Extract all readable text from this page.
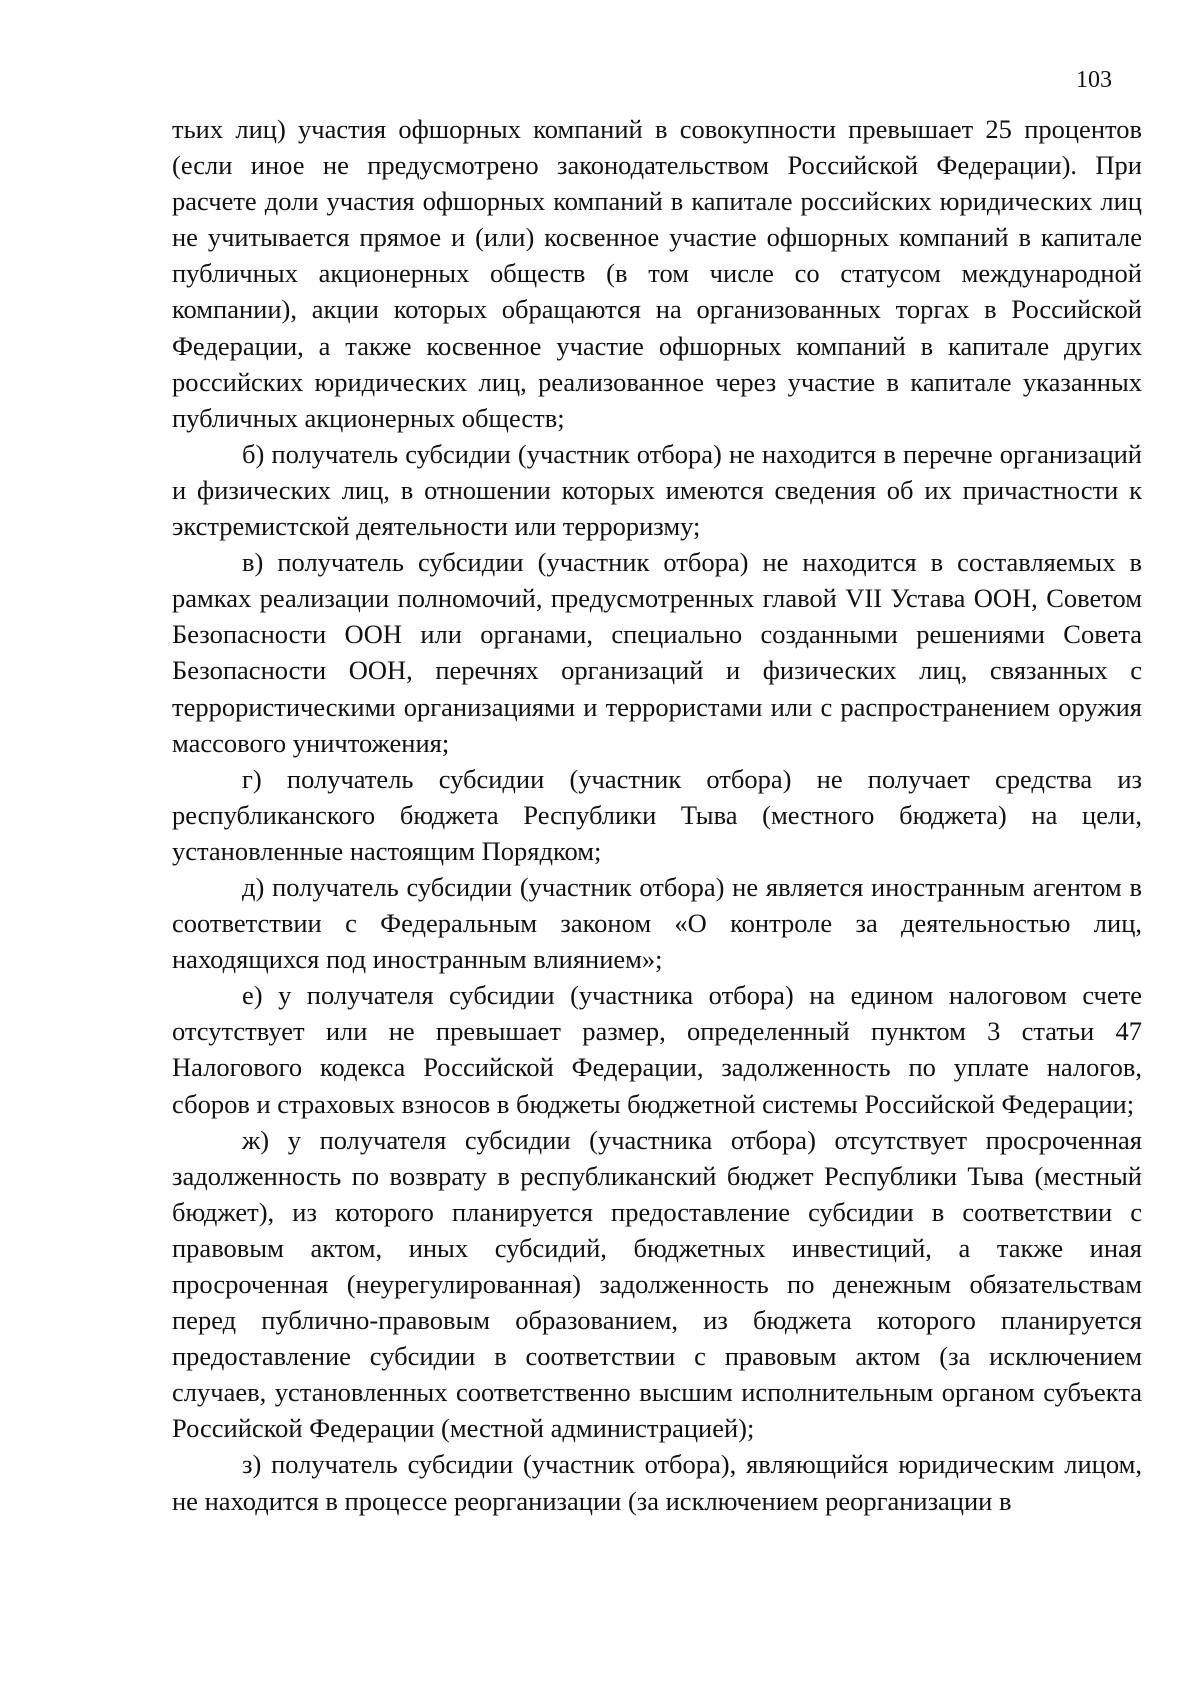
103

тьих лиц) участия офшорных компаний в совокупности превышает 25 процентов (если иное не предусмотрено законодательством Российской Федерации). При расчете доли участия офшорных компаний в капитале российских юридических лиц не учитывается прямое и (или) косвенное участие офшорных компаний в капитале публичных акционерных обществ (в том числе со статусом международной компании), акции которых обращаются на организованных торгах в Российской Федерации, а также косвенное участие офшорных компаний в капитале других российских юридических лиц, реализованное через участие в капитале указанных публичных акционерных обществ;

б) получатель субсидии (участник отбора) не находится в перечне организаций и физических лиц, в отношении которых имеются сведения об их причастности к экстремистской деятельности или терроризму;

в) получатель субсидии (участник отбора) не находится в составляемых в рамках реализации полномочий, предусмотренных главой VII Устава ООН, Советом Безопасности ООН или органами, специально созданными решениями Совета Безопасности ООН, перечнях организаций и физических лиц, связанных с террористическими организациями и террористами или с распространением оружия массового уничтожения;

г) получатель субсидии (участник отбора) не получает средства из республиканского бюджета Республики Тыва (местного бюджета) на цели, установленные настоящим Порядком;

д) получатель субсидии (участник отбора) не является иностранным агентом в соответствии с Федеральным законом «О контроле за деятельностью лиц, находящихся под иностранным влиянием»;

е) у получателя субсидии (участника отбора) на едином налоговом счете отсутствует или не превышает размер, определенный пунктом 3 статьи 47 Налогового кодекса Российской Федерации, задолженность по уплате налогов, сборов и страховых взносов в бюджеты бюджетной системы Российской Федерации;

ж) у получателя субсидии (участника отбора) отсутствует просроченная задолженность по возврату в республиканский бюджет Республики Тыва (местный бюджет), из которого планируется предоставление субсидии в соответствии с правовым актом, иных субсидий, бюджетных инвестиций, а также иная просроченная (неурегулированная) задолженность по денежным обязательствам перед публично-правовым образованием, из бюджета которого планируется предоставление субсидии в соответствии с правовым актом (за исключением случаев, установленных соответственно высшим исполнительным органом субъекта Российской Федерации (местной администрацией);

з) получатель субсидии (участник отбора), являющийся юридическим лицом, не находится в процессе реорганизации (за исключением реорганизации в
